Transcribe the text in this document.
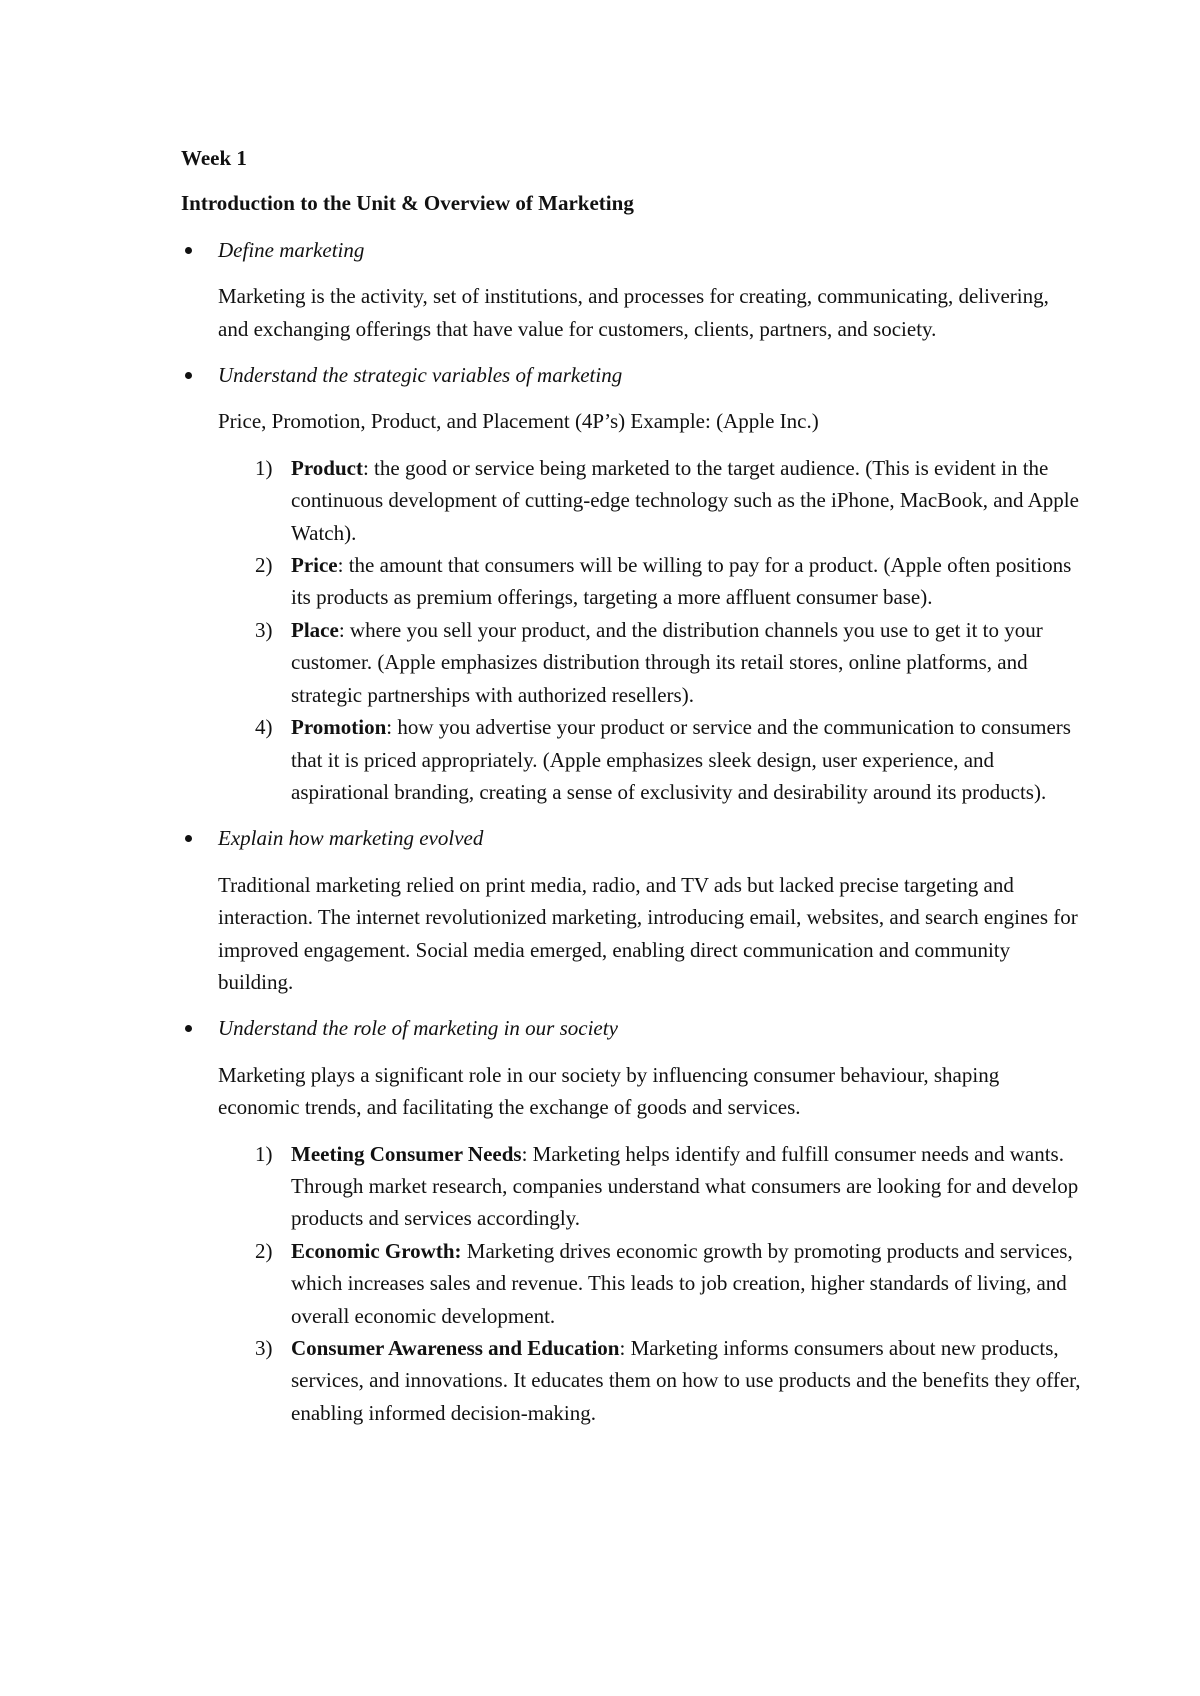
Week 1
Introduction to the Unit & Overview of Marketing
Define marketing
Marketing is the activity, set of institutions, and processes for creating, communicating, delivering, and exchanging offerings that have value for customers, clients, partners, and society.
Understand the strategic variables of marketing
Price, Promotion, Product, and Placement (4P’s) Example: (Apple Inc.)
1) Product: the good or service being marketed to the target audience. (This is evident in the continuous development of cutting-edge technology such as the iPhone, MacBook, and Apple Watch).
2) Price: the amount that consumers will be willing to pay for a product. (Apple often positions its products as premium offerings, targeting a more affluent consumer base).
3) Place: where you sell your product, and the distribution channels you use to get it to your customer. (Apple emphasizes distribution through its retail stores, online platforms, and strategic partnerships with authorized resellers).
4) Promotion: how you advertise your product or service and the communication to consumers that it is priced appropriately. (Apple emphasizes sleek design, user experience, and aspirational branding, creating a sense of exclusivity and desirability around its products).
Explain how marketing evolved
Traditional marketing relied on print media, radio, and TV ads but lacked precise targeting and interaction. The internet revolutionized marketing, introducing email, websites, and search engines for improved engagement. Social media emerged, enabling direct communication and community building.
Understand the role of marketing in our society
Marketing plays a significant role in our society by influencing consumer behaviour, shaping economic trends, and facilitating the exchange of goods and services.
1) Meeting Consumer Needs: Marketing helps identify and fulfill consumer needs and wants. Through market research, companies understand what consumers are looking for and develop products and services accordingly.
2) Economic Growth: Marketing drives economic growth by promoting products and services, which increases sales and revenue. This leads to job creation, higher standards of living, and overall economic development.
3) Consumer Awareness and Education: Marketing informs consumers about new products, services, and innovations. It educates them on how to use products and the benefits they offer, enabling informed decision-making.
